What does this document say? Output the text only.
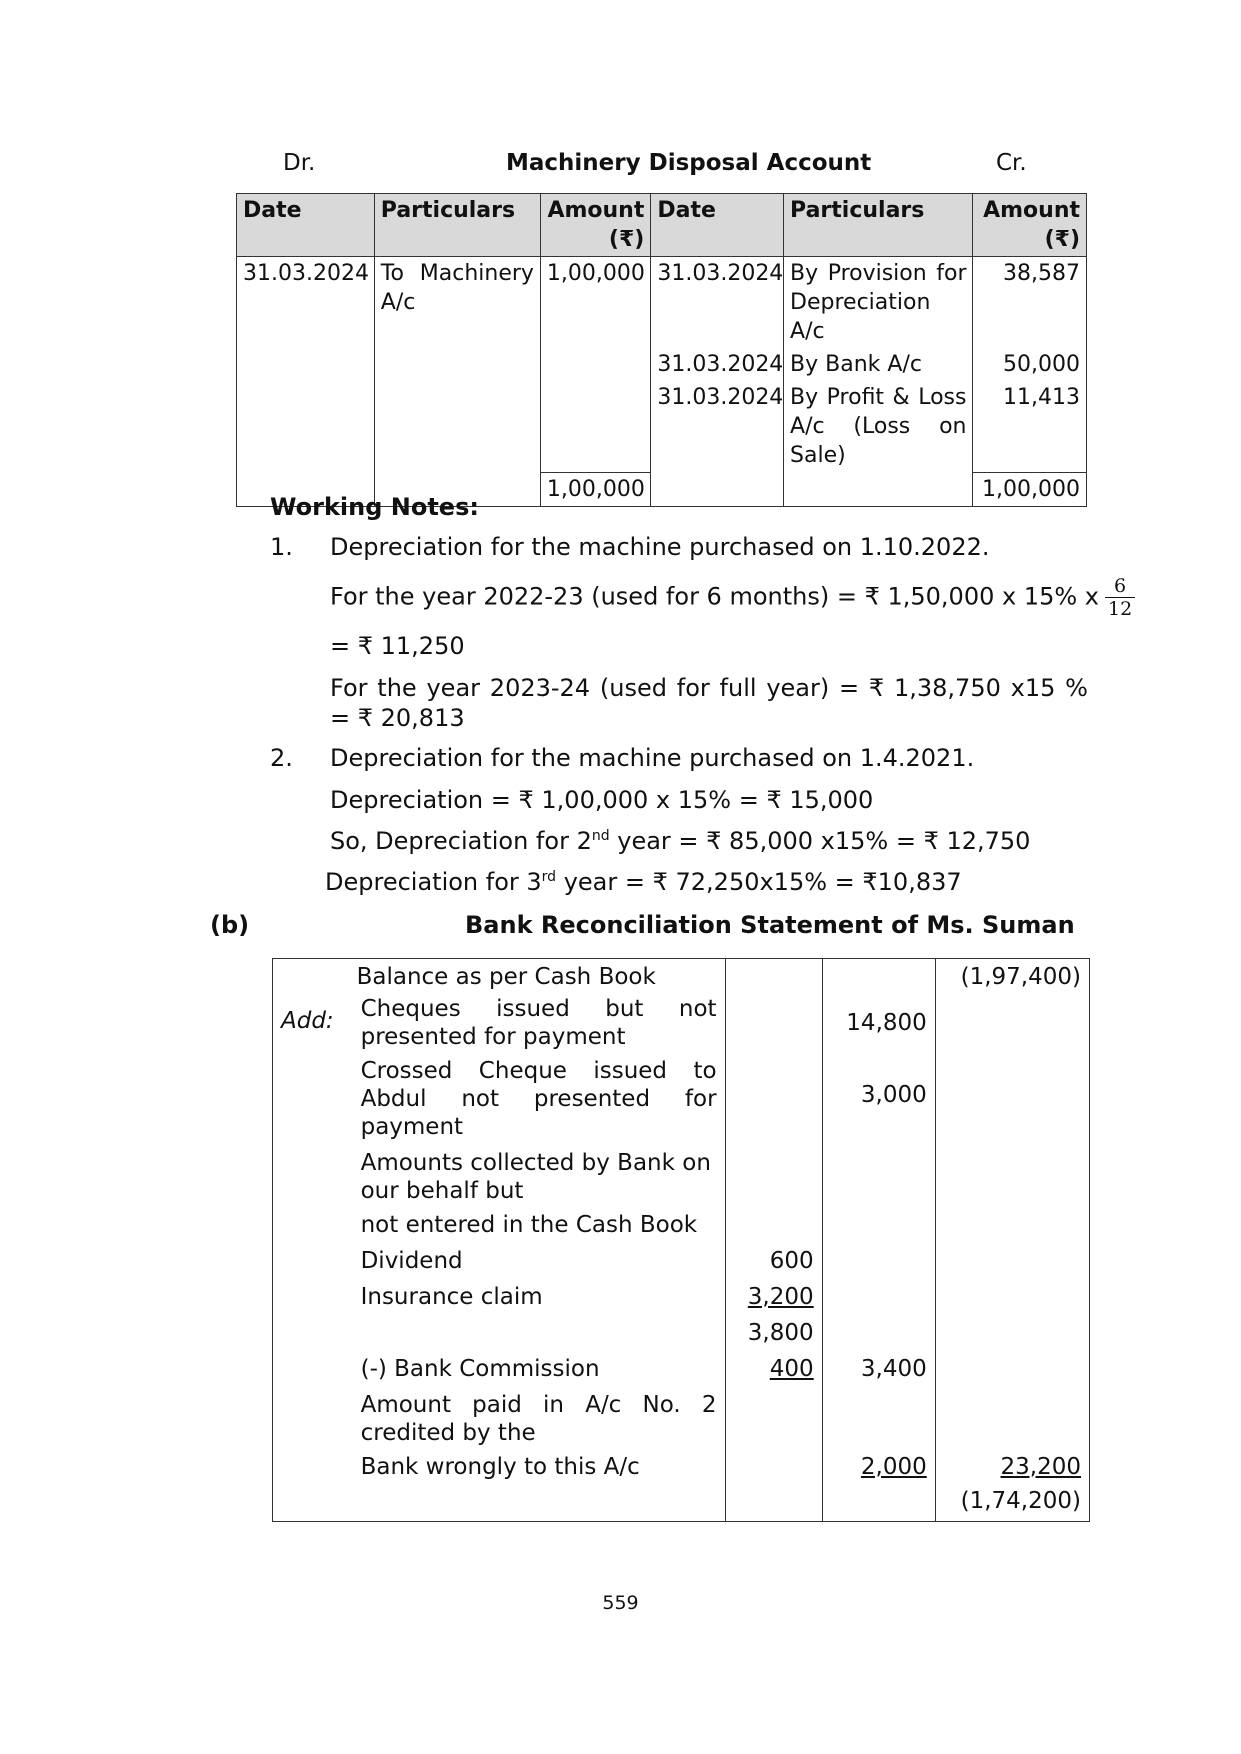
Dr.	Machinery Disposal Account	Cr.
Date	Particulars	Amount (₹)	Date	Particulars	Amount (₹)
31.03.2024	To Machinery A/c	1,00,000	31.03.2024	By Provision for Depreciation A/c	38,587
			31.03.2024	By Bank A/c	50,000
			31.03.2024	By Profit & Loss A/c (Loss on Sale)	11,413
		1,00,000			1,00,000
Working Notes:
1. Depreciation for the machine purchased on 1.10.2022.
For the year 2022-23 (used for 6 months) = ₹ 1,50,000 x 15% x $\frac{6}{12}$
= ₹ 11,250
For the year 2023-24 (used for full year) = ₹ 1,38,750 x15 % = ₹ 20,813
2. Depreciation for the machine purchased on 1.4.2021.
Depreciation = ₹ 1,00,000 x 15% = ₹ 15,000
So, Depreciation for 2nd year = ₹ 85,000 x15% = ₹ 12,750
Depreciation for 3rd year = ₹ 72,250x15% = ₹10,837
(b)	Bank Reconciliation Statement of Ms. Suman
	Balance as per Cash Book			(1,97,400)
Add:	Cheques issued but not presented for payment		14,800	
	Crossed Cheque issued to Abdul not presented for payment		3,000	
	Amounts collected by Bank on our behalf but			
	not entered in the Cash Book			
	Dividend	600		
	Insurance claim	3,200		
		3,800		
	(-) Bank Commission	400	3,400	
	Amount paid in A/c No. 2 credited by the			
	Bank wrongly to this A/c		2,000	23,200
				(1,74,200)
559
